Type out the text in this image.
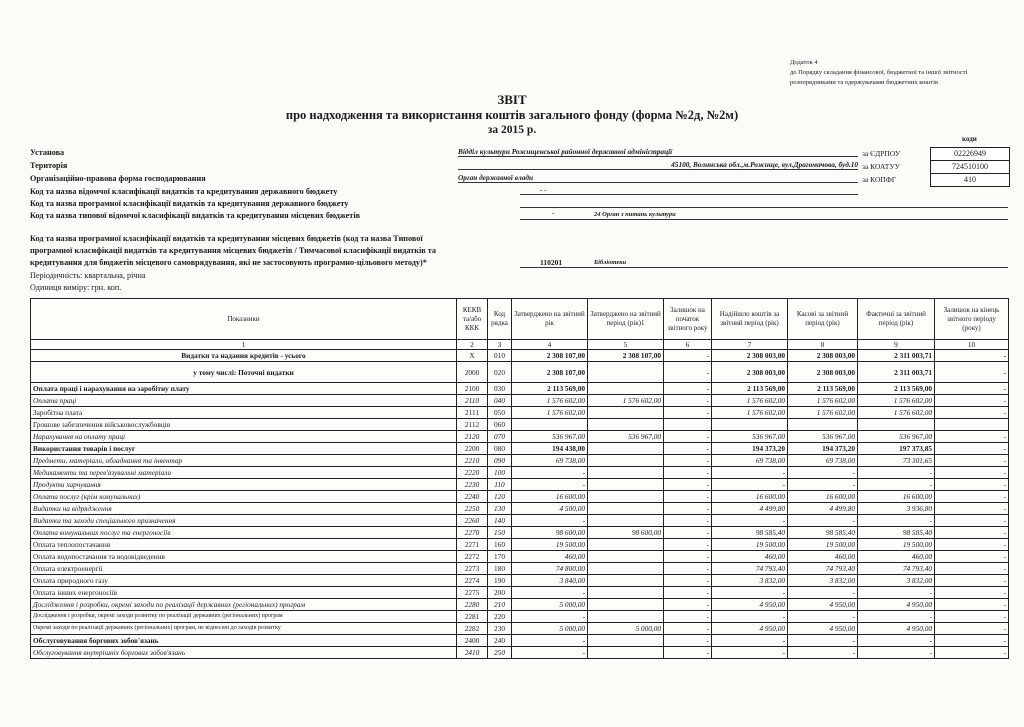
Додаток 4
до Порядку складання фінансової, бюджетної та іншої звітності
розпорядниками та одержувачами бюджетних коштів
ЗВІТ
про надходження та використання коштів загального фонду (форма №2д, №2м)
за 2015 р.
коди
Установа	Відділ культури Рожищенської районної державної адміністрації	за ЄДРПОУ	02226949
Територія	45100, Волинська обл.,м.Рожище, вул.Драгомачова, буд.10 за КОАТУУ	724510100
Організаційно-правова форма господарювання	Орган державної влади	за КОПФГ	410
Код та назва відомчої класифікації видатків та кредитування державного бюджету	- -
Код та назва програмної класифікації видатків та кредитування державного бюджету
Код та назва типової відомчої класифікації видатків та кредитування місцевих бюджетів	-	24 Орган з питань культури
Код та назва програмної класифікації видатків та кредитування місцевих бюджетів (код та назва Типової
програмної класифікації видатків та кредитування місцевих бюджетів / Тимчасової класифікації видатків та
кредитування для бюджетів місцевого самоврядування, які не застосовують програмно-цільового методу)*	110201	Бібліотеки
Періодичність: квартальна, річна
Одиниця виміру: грн. коп.
Показники	КЕКВ та/або ККК	Код рядка	Затверджено на звітний рік	Затверджено на звітний період (рік)1	Залишок на початок звітного року	Надійшло коштів за звітний період (рік)	Касові за звітний період (рік)	Фактичні за звітний період (рік)	Залишок на кінець звітного періоду (року)
1	2	3	4	5	6	7	8	9	10
Видатки та надання кредитів - усього	X	010	2 308 107,00	2 308 107,00	-	2 308 003,00	2 308 003,00	2 311 003,71	-
у тому числі: Поточні видатки	2000	020	2 308 107,00		-	2 308 003,00	2 308 003,00	2 311 003,71	-
Оплата праці і нарахування на заробітну плату	2100	030	2 113 569,00		-	2 113 569,00	2 113 569,00	2 113 569,00	-
Оплата праці	2110	040	1 576 602,00	1 576 602,00	-	1 576 602,00	1 576 602,00	1 576 602,00	-
Заробітна плата	2111	050	1 576 602,00		-	1 576 602,00	1 576 602,00	1 576 602,00	-
Грошове забезпечення військовослужбовців	2112	060							
Нарахування на оплату праці	2120	070	536 967,00	536 967,00	-	536 967,00	536 967,00	536 967,00	-
Використання товарів і послуг	2200	080	194 438,00		-	194 373,20	194 373,20	197 373,85	-
Предмети, матеріали, обладнання та інвентар	2210	090	69 738,00		-	69 738,00	69 738,00	73 301,65	-
Медикаменти та перев'язувальні матеріали	2220	100	-		-	-	-	-	-
Продукти харчування	2230	110	-		-	-	-	-	-
Оплата послуг (крім комунальних)	2240	120	16 600,00		-	16 600,00	16 600,00	16 600,00	-
Видатки на відрядження	2250	130	4 500,00		-	4 499,80	4 499,80	3 936,80	-
Видатки та заходи спеціального призначення	2260	140	-		-	-	-	-	-
Оплата комунальних послуг та енергоносіїв	2270	150	98 600,00	98 600,00	-	98 585,40	98 585,40	98 585,40	-
Оплата теплопостачання	2271	160	19 500,00		-	19 500,00	19 500,00	19 500,00	-
Оплата водопостачання та водовідведення	2272	170	460,00		-	460,00	460,00	460,00	-
Оплата електроенергії	2273	180	74 800,00		-	74 793,40	74 793,40	74 793,40	-
Оплата природного газу	2274	190	3 840,00		-	3 832,00	3 832,00	3 832,00	-
Оплата інших енергоносіїв	2275	200	-		-	-	-	-	-
Дослідження і розробки, окремі заходи по реалізації державних (регіональних) програм	2280	210	5 000,00		-	4 950,00	4 950,00	4 950,00	-
Дослідження і розробки, окремі заходи розвитку по реалізації державних (регіональних) програм	2281	220	-		-	-	-	-	-
Окремі заходи по реалізації державних (регіональних) програм, не віднесені до заходів розвитку	2282	230	5 000,00	5 000,00	-	4 950,00	4 950,00	4 950,00	-
Обслуговування боргових зобов'язань	2400	240	-		-	-	-	-	-
Обслуговування внутрішніх боргових зобов'язань	2410	250	-		-	-	-	-	-
